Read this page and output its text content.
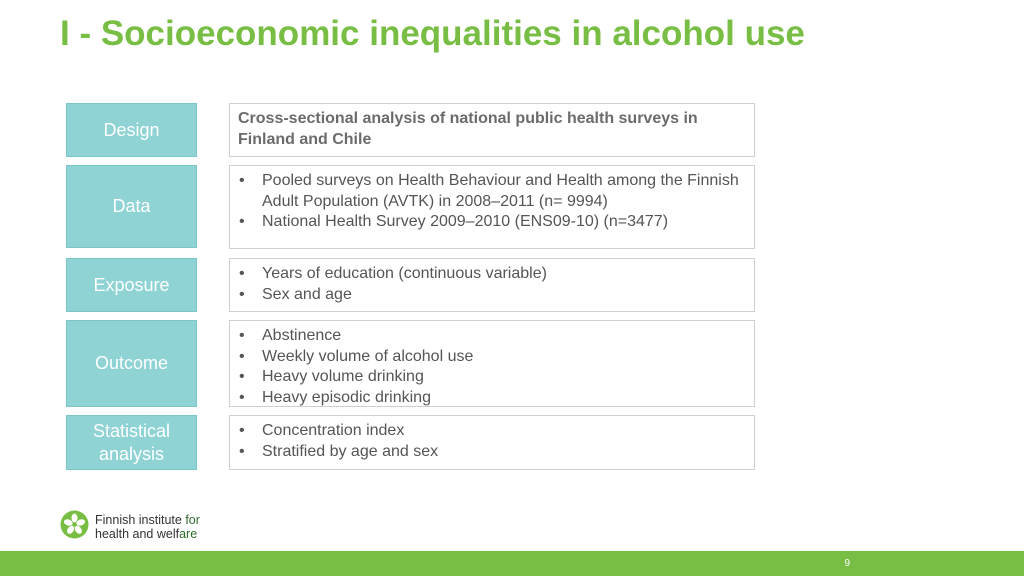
I - Socioeconomic inequalities in alcohol use
Design
Cross-sectional analysis of national public health surveys in Finland and Chile
Data
• Pooled surveys on Health Behaviour and Health among the Finnish Adult Population (AVTK) in 2008–2011 (n= 9994)
• National Health Survey 2009–2010 (ENS09-10) (n=3477)
Exposure
• Years of education (continuous variable)
• Sex and age
Outcome
• Abstinence
• Weekly volume of alcohol use
• Heavy volume drinking
• Heavy episodic drinking
Statistical analysis
• Concentration index
• Stratified by age and sex
Finnish institute for
health and welfare
9
